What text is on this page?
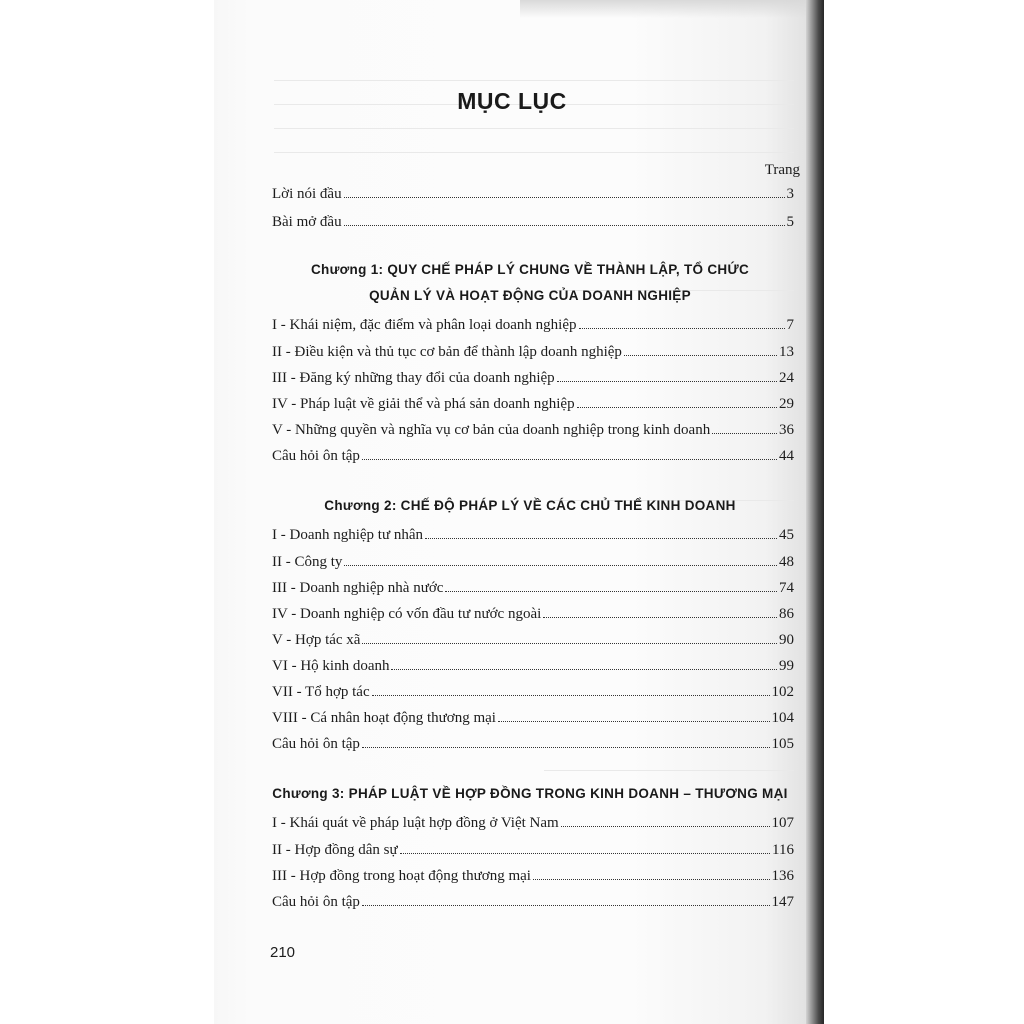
MỤC LỤC
Trang
Lời nói đầu	3
Bài mở đầu	5
Chương 1: QUY CHẾ PHÁP LÝ CHUNG VỀ THÀNH LẬP, TỔ CHỨC
QUẢN LÝ VÀ HOẠT ĐỘNG CỦA DOANH NGHIỆP
I - Khái niệm, đặc điểm và phân loại doanh nghiệp	7
II - Điều kiện và thủ tục cơ bản để thành lập doanh nghiệp	13
III - Đăng ký những thay đổi của doanh nghiệp	24
IV - Pháp luật về giải thể và phá sản doanh nghiệp	29
V - Những quyền và nghĩa vụ cơ bản của doanh nghiệp trong kinh doanh	36
Câu hỏi ôn tập	44
Chương 2: CHẾ ĐỘ PHÁP LÝ VỀ CÁC CHỦ THỂ KINH DOANH
I - Doanh nghiệp tư nhân	45
II - Công ty	48
III - Doanh nghiệp nhà nước	74
IV - Doanh nghiệp có vốn đầu tư nước ngoài	86
V - Hợp tác xã	90
VI - Hộ kinh doanh	99
VII - Tổ hợp tác	102
VIII - Cá nhân hoạt động thương mại	104
Câu hỏi ôn tập	105
Chương 3: PHÁP LUẬT VỀ HỢP ĐỒNG TRONG KINH DOANH – THƯƠNG MẠI
I - Khái quát về pháp luật hợp đồng ở Việt Nam	107
II - Hợp đồng dân sự	116
III - Hợp đồng trong hoạt động thương mại	136
Câu hỏi ôn tập	147
210
